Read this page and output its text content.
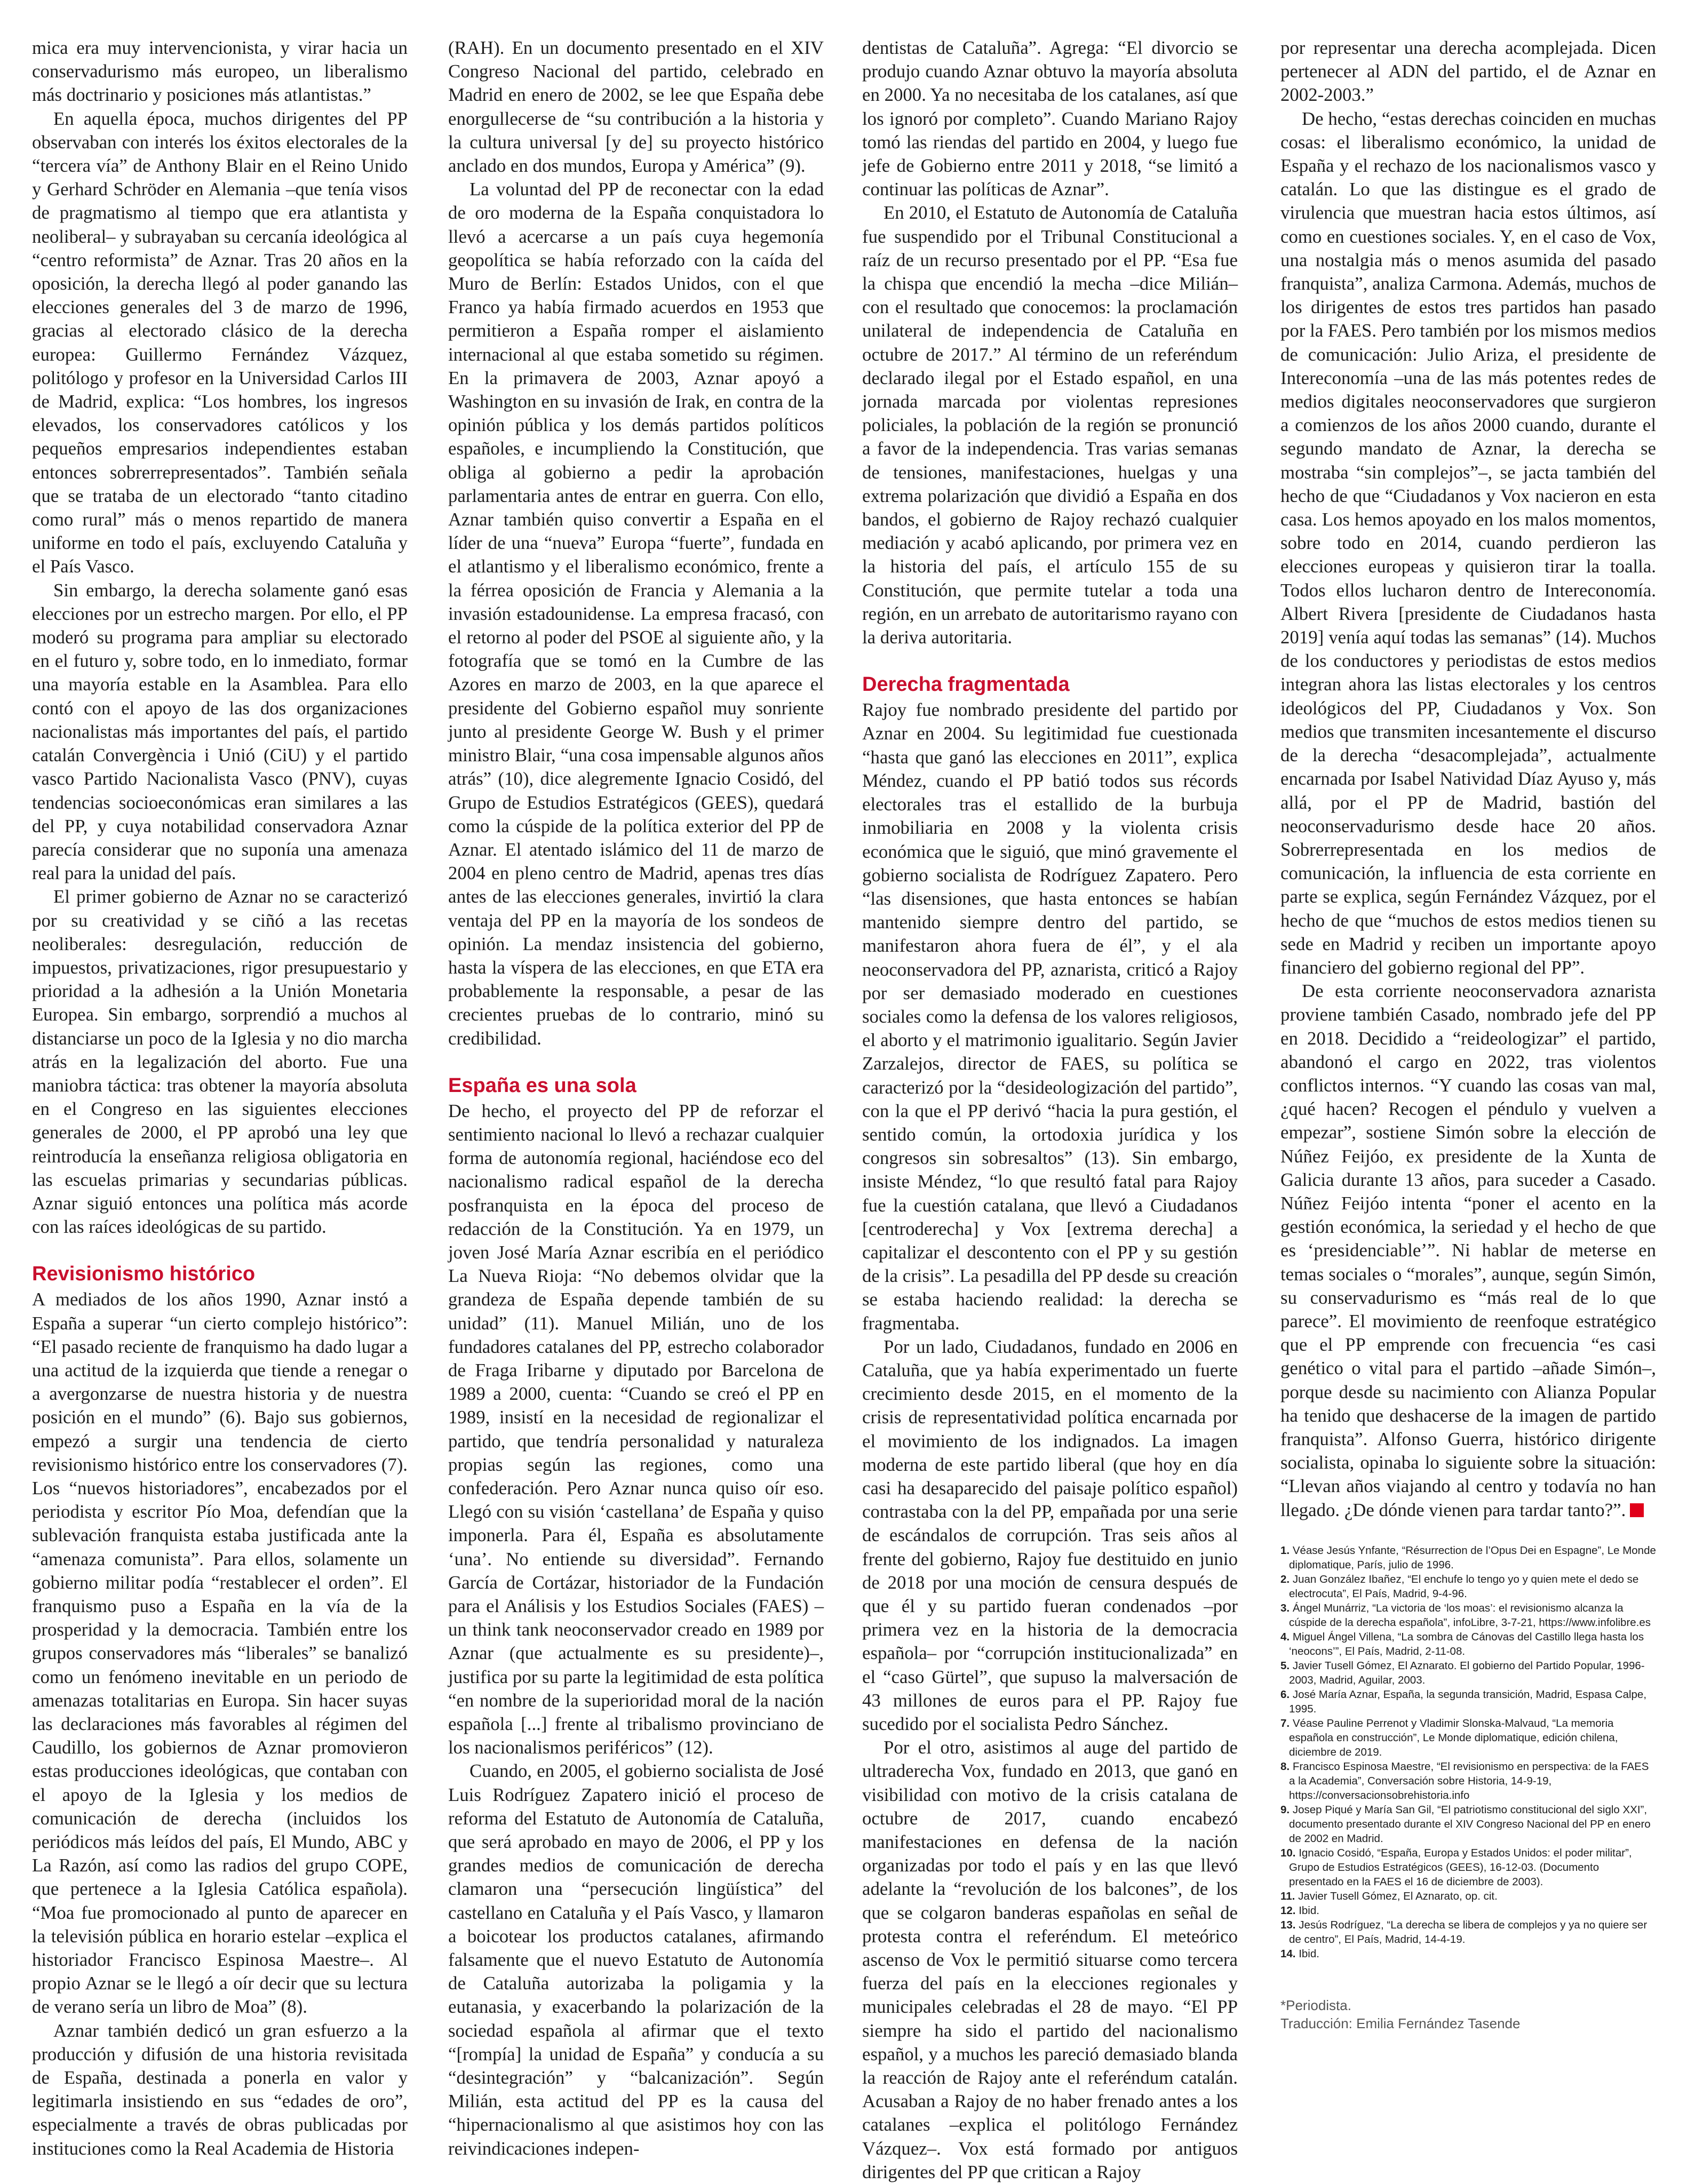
mica era muy intervencionista, y virar hacia un conservadurismo más europeo, un liberalismo más doctrinario y posiciones más atlantistas.”

En aquella época, muchos dirigentes del PP observaban con interés los éxitos electorales de la “tercera vía” de Anthony Blair en el Reino Unido y Gerhard Schröder en Alemania –que tenía visos de pragmatismo al tiempo que era atlantista y neoliberal– y subrayaban su cercanía ideológica al “centro reformista” de Aznar. Tras 20 años en la oposición, la derecha llegó al poder ganando las elecciones generales del 3 de marzo de 1996, gracias al electorado clásico de la derecha europea: Guillermo Fernández Vázquez, politólogo y profesor en la Universidad Carlos III de Madrid, explica: “Los hombres, los ingresos elevados, los conservadores católicos y los pequeños empresarios independientes estaban entonces sobrerrepresentados”. También señala que se trataba de un electorado “tanto citadino como rural” más o menos repartido de manera uniforme en todo el país, excluyendo Cataluña y el País Vasco.

Sin embargo, la derecha solamente ganó esas elecciones por un estrecho margen. Por ello, el PP moderó su programa para ampliar su electorado en el futuro y, sobre todo, en lo inmediato, formar una mayoría estable en la Asamblea. Para ello contó con el apoyo de las dos organizaciones nacionalistas más importantes del país, el partido catalán Convergència i Unió (CiU) y el partido vasco Partido Nacionalista Vasco (PNV), cuyas tendencias socioeconómicas eran similares a las del PP, y cuya notabilidad conservadora Aznar parecía considerar que no suponía una amenaza real para la unidad del país.

El primer gobierno de Aznar no se caracterizó por su creatividad y se ciñó a las recetas neoliberales: desregulación, reducción de impuestos, privatizaciones, rigor presupuestario y prioridad a la adhesión a la Unión Monetaria Europea. Sin embargo, sorprendió a muchos al distanciarse un poco de la Iglesia y no dio marcha atrás en la legalización del aborto. Fue una maniobra táctica: tras obtener la mayoría absoluta en el Congreso en las siguientes elecciones generales de 2000, el PP aprobó una ley que reintroducía la enseñanza religiosa obligatoria en las escuelas primarias y secundarias públicas. Aznar siguió entonces una política más acorde con las raíces ideológicas de su partido.

Revisionismo histórico

A mediados de los años 1990, Aznar instó a España a superar “un cierto complejo histórico”: “El pasado reciente de franquismo ha dado lugar a una actitud de la izquierda que tiende a renegar o a avergonzarse de nuestra historia y de nuestra posición en el mundo” (6). Bajo sus gobiernos, empezó a surgir una tendencia de cierto revisionismo histórico entre los conservadores (7). Los “nuevos historiadores”, encabezados por el periodista y escritor Pío Moa, defendían que la sublevación franquista estaba justificada ante la “amenaza comunista”. Para ellos, solamente un gobierno militar podía “restablecer el orden”. El franquismo puso a España en la vía de la prosperidad y la democracia. También entre los grupos conservadores más “liberales” se banalizó como un fenómeno inevitable en un periodo de amenazas totalitarias en Europa. Sin hacer suyas las declaraciones más favorables al régimen del Caudillo, los gobiernos de Aznar promovieron estas producciones ideológicas, que contaban con el apoyo de la Iglesia y los medios de comunicación de derecha (incluidos los periódicos más leídos del país, El Mundo, ABC y La Razón, así como las radios del grupo COPE, que pertenece a la Iglesia Católica española). “Moa fue promocionado al punto de aparecer en la televisión pública en horario estelar –explica el historiador Francisco Espinosa Maestre–. Al propio Aznar se le llegó a oír decir que su lectura de verano sería un libro de Moa” (8).

Aznar también dedicó un gran esfuerzo a la producción y difusión de una historia revisitada de España, destinada a ponerla en valor y legitimarla insistiendo en sus “edades de oro”, especialmente a través de obras publicadas por instituciones como la Real Academia de Historia

(RAH). En un documento presentado en el XIV Congreso Nacional del partido, celebrado en Madrid en enero de 2002, se lee que España debe enorgullecerse de “su contribución a la historia y la cultura universal [y de] su proyecto histórico anclado en dos mundos, Europa y América” (9).

La voluntad del PP de reconectar con la edad de oro moderna de la España conquistadora lo llevó a acercarse a un país cuya hegemonía geopolítica se había reforzado con la caída del Muro de Berlín: Estados Unidos, con el que Franco ya había firmado acuerdos en 1953 que permitieron a España romper el aislamiento internacional al que estaba sometido su régimen. En la primavera de 2003, Aznar apoyó a Washington en su invasión de Irak, en contra de la opinión pública y los demás partidos políticos españoles, e incumpliendo la Constitución, que obliga al gobierno a pedir la aprobación parlamentaria antes de entrar en guerra. Con ello, Aznar también quiso convertir a España en el líder de una “nueva” Europa “fuerte”, fundada en el atlantismo y el liberalismo económico, frente a la férrea oposición de Francia y Alemania a la invasión estadounidense. La empresa fracasó, con el retorno al poder del PSOE al siguiente año, y la fotografía que se tomó en la Cumbre de las Azores en marzo de 2003, en la que aparece el presidente del Gobierno español muy sonriente junto al presidente George W. Bush y el primer ministro Blair, “una cosa impensable algunos años atrás” (10), dice alegremente Ignacio Cosidó, del Grupo de Estudios Estratégicos (GEES), quedará como la cúspide de la política exterior del PP de Aznar. El atentado islámico del 11 de marzo de 2004 en pleno centro de Madrid, apenas tres días antes de las elecciones generales, invirtió la clara ventaja del PP en la mayoría de los sondeos de opinión. La mendaz insistencia del gobierno, hasta la víspera de las elecciones, en que ETA era probablemente la responsable, a pesar de las crecientes pruebas de lo contrario, minó su credibilidad.

España es una sola

De hecho, el proyecto del PP de reforzar el sentimiento nacional lo llevó a rechazar cualquier forma de autonomía regional, haciéndose eco del nacionalismo radical español de la derecha posfranquista en la época del proceso de redacción de la Constitución. Ya en 1979, un joven José María Aznar escribía en el periódico La Nueva Rioja: “No debemos olvidar que la grandeza de España depende también de su unidad” (11). Manuel Milián, uno de los fundadores catalanes del PP, estrecho colaborador de Fraga Iribarne y diputado por Barcelona de 1989 a 2000, cuenta: “Cuando se creó el PP en 1989, insistí en la necesidad de regionalizar el partido, que tendría personalidad y naturaleza propias según las regiones, como una confederación. Pero Aznar nunca quiso oír eso. Llegó con su visión ‘castellana’ de España y quiso imponerla. Para él, España es absolutamente ‘una’. No entiende su diversidad”. Fernando García de Cortázar, historiador de la Fundación para el Análisis y los Estudios Sociales (FAES) –un think tank neoconservador creado en 1989 por Aznar (que actualmente es su presidente)–, justifica por su parte la legitimidad de esta política “en nombre de la superioridad moral de la nación española [...] frente al tribalismo provinciano de los nacionalismos periféricos” (12).

Cuando, en 2005, el gobierno socialista de José Luis Rodríguez Zapatero inició el proceso de reforma del Estatuto de Autonomía de Cataluña, que será aprobado en mayo de 2006, el PP y los grandes medios de comunicación de derecha clamaron una “persecución lingüística” del castellano en Cataluña y el País Vasco, y llamaron a boicotear los productos catalanes, afirmando falsamente que el nuevo Estatuto de Autonomía de Cataluña autorizaba la poligamia y la eutanasia, y exacerbando la polarización de la sociedad española al afirmar que el texto “[rompía] la unidad de España” y conducía a su “desintegración” y “balcanización”. Según Milián, esta actitud del PP es la causa del “hipernacionalismo al que asistimos hoy con las reivindicaciones indepen-

dentistas de Cataluña”. Agrega: “El divorcio se produjo cuando Aznar obtuvo la mayoría absoluta en 2000. Ya no necesitaba de los catalanes, así que los ignoró por completo”. Cuando Mariano Rajoy tomó las riendas del partido en 2004, y luego fue jefe de Gobierno entre 2011 y 2018, “se limitó a continuar las políticas de Aznar”.

En 2010, el Estatuto de Autonomía de Cataluña fue suspendido por el Tribunal Constitucional a raíz de un recurso presentado por el PP. “Esa fue la chispa que encendió la mecha –dice Milián– con el resultado que conocemos: la proclamación unilateral de independencia de Cataluña en octubre de 2017.” Al término de un referéndum declarado ilegal por el Estado español, en una jornada marcada por violentas represiones policiales, la población de la región se pronunció a favor de la independencia. Tras varias semanas de tensiones, manifestaciones, huelgas y una extrema polarización que dividió a España en dos bandos, el gobierno de Rajoy rechazó cualquier mediación y acabó aplicando, por primera vez en la historia del país, el artículo 155 de su Constitución, que permite tutelar a toda una región, en un arrebato de autoritarismo rayano con la deriva autoritaria.

Derecha fragmentada

Rajoy fue nombrado presidente del partido por Aznar en 2004. Su legitimidad fue cuestionada “hasta que ganó las elecciones en 2011”, explica Méndez, cuando el PP batió todos sus récords electorales tras el estallido de la burbuja inmobiliaria en 2008 y la violenta crisis económica que le siguió, que minó gravemente el gobierno socialista de Rodríguez Zapatero. Pero “las disensiones, que hasta entonces se habían mantenido siempre dentro del partido, se manifestaron ahora fuera de él”, y el ala neoconservadora del PP, aznarista, criticó a Rajoy por ser demasiado moderado en cuestiones sociales como la defensa de los valores religiosos, el aborto y el matrimonio igualitario. Según Javier Zarzalejos, director de FAES, su política se caracterizó por la “desideologización del partido”, con la que el PP derivó “hacia la pura gestión, el sentido común, la ortodoxia jurídica y los congresos sin sobresaltos” (13). Sin embargo, insiste Méndez, “lo que resultó fatal para Rajoy fue la cuestión catalana, que llevó a Ciudadanos [centroderecha] y Vox [extrema derecha] a capitalizar el descontento con el PP y su gestión de la crisis”. La pesadilla del PP desde su creación se estaba haciendo realidad: la derecha se fragmentaba.

Por un lado, Ciudadanos, fundado en 2006 en Cataluña, que ya había experimentado un fuerte crecimiento desde 2015, en el momento de la crisis de representatividad política encarnada por el movimiento de los indignados. La imagen moderna de este partido liberal (que hoy en día casi ha desaparecido del paisaje político español) contrastaba con la del PP, empañada por una serie de escándalos de corrupción. Tras seis años al frente del gobierno, Rajoy fue destituido en junio de 2018 por una moción de censura después de que él y su partido fueran condenados –por primera vez en la historia de la democracia española– por “corrupción institucionalizada” en el “caso Gürtel”, que supuso la malversación de 43 millones de euros para el PP. Rajoy fue sucedido por el socialista Pedro Sánchez.

Por el otro, asistimos al auge del partido de ultraderecha Vox, fundado en 2013, que ganó en visibilidad con motivo de la crisis catalana de octubre de 2017, cuando encabezó manifestaciones en defensa de la nación organizadas por todo el país y en las que llevó adelante la “revolución de los balcones”, de los que se colgaron banderas españolas en señal de protesta contra el referéndum. El meteórico ascenso de Vox le permitió situarse como tercera fuerza del país en la elecciones regionales y municipales celebradas el 28 de mayo. “El PP siempre ha sido el partido del nacionalismo español, y a muchos les pareció demasiado blanda la reacción de Rajoy ante el referéndum catalán. Acusaban a Rajoy de no haber frenado antes a los catalanes –explica el politólogo Fernández Vázquez–. Vox está formado por antiguos dirigentes del PP que critican a Rajoy

por representar una derecha acomplejada. Dicen pertenecer al ADN del partido, el de Aznar en 2002-2003.”

De hecho, “estas derechas coinciden en muchas cosas: el liberalismo económico, la unidad de España y el rechazo de los nacionalismos vasco y catalán. Lo que las distingue es el grado de virulencia que muestran hacia estos últimos, así como en cuestiones sociales. Y, en el caso de Vox, una nostalgia más o menos asumida del pasado franquista”, analiza Carmona. Además, muchos de los dirigentes de estos tres partidos han pasado por la FAES. Pero también por los mismos medios de comunicación: Julio Ariza, el presidente de Intereconomía –una de las más potentes redes de medios digitales neoconservadores que surgieron a comienzos de los años 2000 cuando, durante el segundo mandato de Aznar, la derecha se mostraba “sin complejos”–, se jacta también del hecho de que “Ciudadanos y Vox nacieron en esta casa. Los hemos apoyado en los malos momentos, sobre todo en 2014, cuando perdieron las elecciones europeas y quisieron tirar la toalla. Todos ellos lucharon dentro de Intereconomía. Albert Rivera [presidente de Ciudadanos hasta 2019] venía aquí todas las semanas” (14). Muchos de los conductores y periodistas de estos medios integran ahora las listas electorales y los centros ideológicos del PP, Ciudadanos y Vox. Son medios que transmiten incesantemente el discurso de la derecha “desacomplejada”, actualmente encarnada por Isabel Natividad Díaz Ayuso y, más allá, por el PP de Madrid, bastión del neoconservadurismo desde hace 20 años. Sobrerrepresentada en los medios de comunicación, la influencia de esta corriente en parte se explica, según Fernández Vázquez, por el hecho de que “muchos de estos medios tienen su sede en Madrid y reciben un importante apoyo financiero del gobierno regional del PP”.

De esta corriente neoconservadora aznarista proviene también Casado, nombrado jefe del PP en 2018. Decidido a “reideologizar” el partido, abandonó el cargo en 2022, tras violentos conflictos internos. “Y cuando las cosas van mal, ¿qué hacen? Recogen el péndulo y vuelven a empezar”, sostiene Simón sobre la elección de Núñez Feijóo, ex presidente de la Xunta de Galicia durante 13 años, para suceder a Casado. Núñez Feijóo intenta “poner el acento en la gestión económica, la seriedad y el hecho de que es ‘presidenciable’”. Ni hablar de meterse en temas sociales o “morales”, aunque, según Simón, su conservadurismo es “más real de lo que parece”. El movimiento de reenfoque estratégico que el PP emprende con frecuencia “es casi genético o vital para el partido –añade Simón–, porque desde su nacimiento con Alianza Popular ha tenido que deshacerse de la imagen de partido franquista”. Alfonso Guerra, histórico dirigente socialista, opinaba lo siguiente sobre la situación: “Llevan años viajando al centro y todavía no han llegado. ¿De dónde vienen para tardar tanto?”.

1. Véase Jesús Ynfante, “Résurrection de l’Opus Dei en Espagne”, Le Monde diplomatique, París, julio de 1996.
2. Juan González Ibañez, “El enchufe lo tengo yo y quien mete el dedo se electrocuta”, El País, Madrid, 9-4-96.
3. Ángel Munárriz, “La victoria de ‘los moas’: el revisionismo alcanza la cúspide de la derecha española”, infoLibre, 3-7-21, https://www.infolibre.es
4. Miguel Ángel Villena, “La sombra de Cánovas del Castillo llega hasta los ‘neocons’”, El País, Madrid, 2-11-08.
5. Javier Tusell Gómez, El Aznarato. El gobierno del Partido Popular, 1996-2003, Madrid, Aguilar, 2003.
6. José María Aznar, España, la segunda transición, Madrid, Espasa Calpe, 1995.
7. Véase Pauline Perrenot y Vladimir Slonska-Malvaud, “La memoria española en construcción”, Le Monde diplomatique, edición chilena, diciembre de 2019.
8. Francisco Espinosa Maestre, “El revisionismo en perspectiva: de la FAES a la Academia”, Conversación sobre Historia, 14-9-19, https://conversacionsobrehistoria.info
9. Josep Piqué y María San Gil, “El patriotismo constitucional del siglo XXI”, documento presentado durante el XIV Congreso Nacional del PP en enero de 2002 en Madrid.
10. Ignacio Cosidó, “España, Europa y Estados Unidos: el poder militar”, Grupo de Estudios Estratégicos (GEES), 16-12-03. (Documento presentado en la FAES el 16 de diciembre de 2003).
11. Javier Tusell Gómez, El Aznarato, op. cit.
12. Ibid.
13. Jesús Rodríguez, “La derecha se libera de complejos y ya no quiere ser de centro”, El País, Madrid, 14-4-19.
14. Ibid.
*Periodista.
Traducción: Emilia Fernández Tasende
